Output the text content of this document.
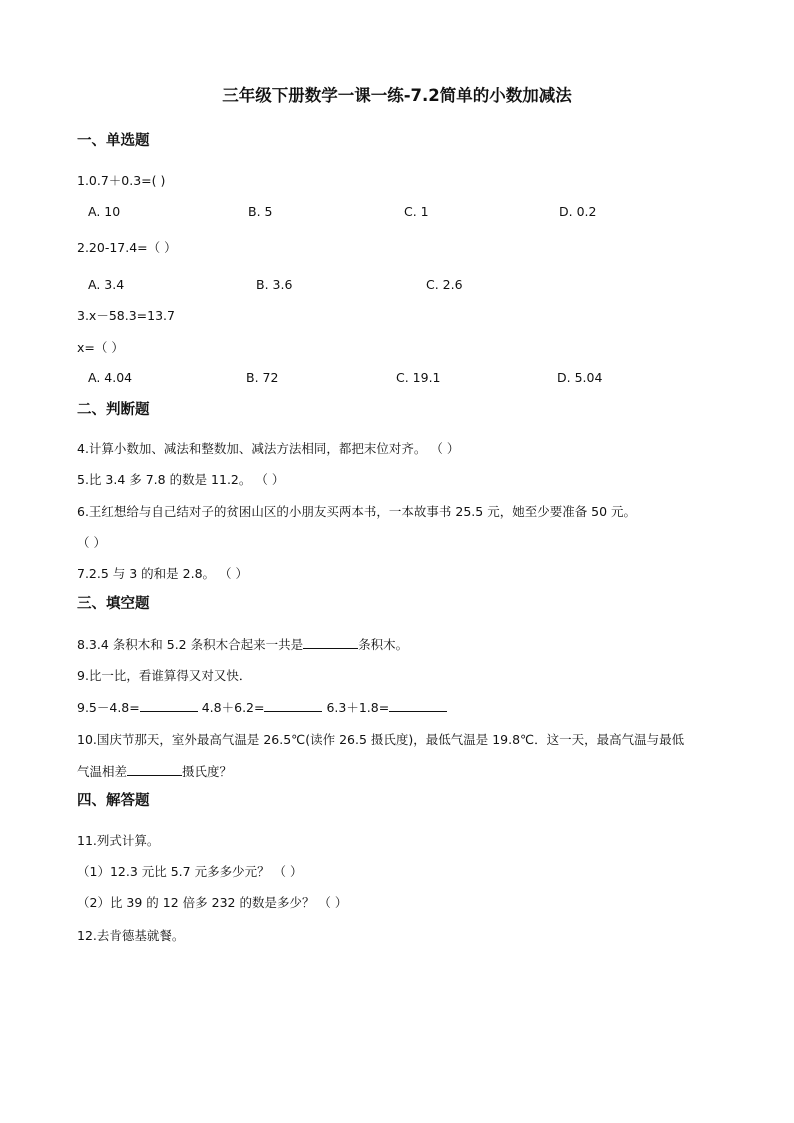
三年级下册数学一课一练-7.2简单的小数加减法
一、单选题
1.0.7＋0.3=( )
A. 10	B. 5	C. 1	D. 0.2
2.20-17.4=（ ）
A. 3.4	B. 3.6	C. 2.6
3.x－58.3=13.7
x=（ ）
A. 4.04	B. 72	C. 19.1	D. 5.04
二、判断题
4.计算小数加、减法和整数加、减法方法相同，都把末位对齐。 （ ）
5.比 3.4 多 7.8 的数是 11.2。 （ ）
6.王红想给与自己结对子的贫困山区的小朋友买两本书，一本故事书 25.5 元，她至少要准备 50 元。
（ ）
7.2.5 与 3 的和是 2.8。 （ ）
三、填空题
8.3.4 条积木和 5.2 条积木合起来一共是	条积木。
9.比一比，看谁算得又对又快．
9.5－4.8=	4.8＋6.2=	6.3＋1.8=
10.国庆节那天，室外最高气温是 26.5℃(读作 26.5 摄氏度)，最低气温是 19.8℃．这一天，最高气温与最低
气温相差	摄氏度？
四、解答题
11.列式计算。
（1）12.3 元比 5.7 元多多少元？ （ ）
（2）比 39 的 12 倍多 232 的数是多少？ （ ）
12.去肯德基就餐。
